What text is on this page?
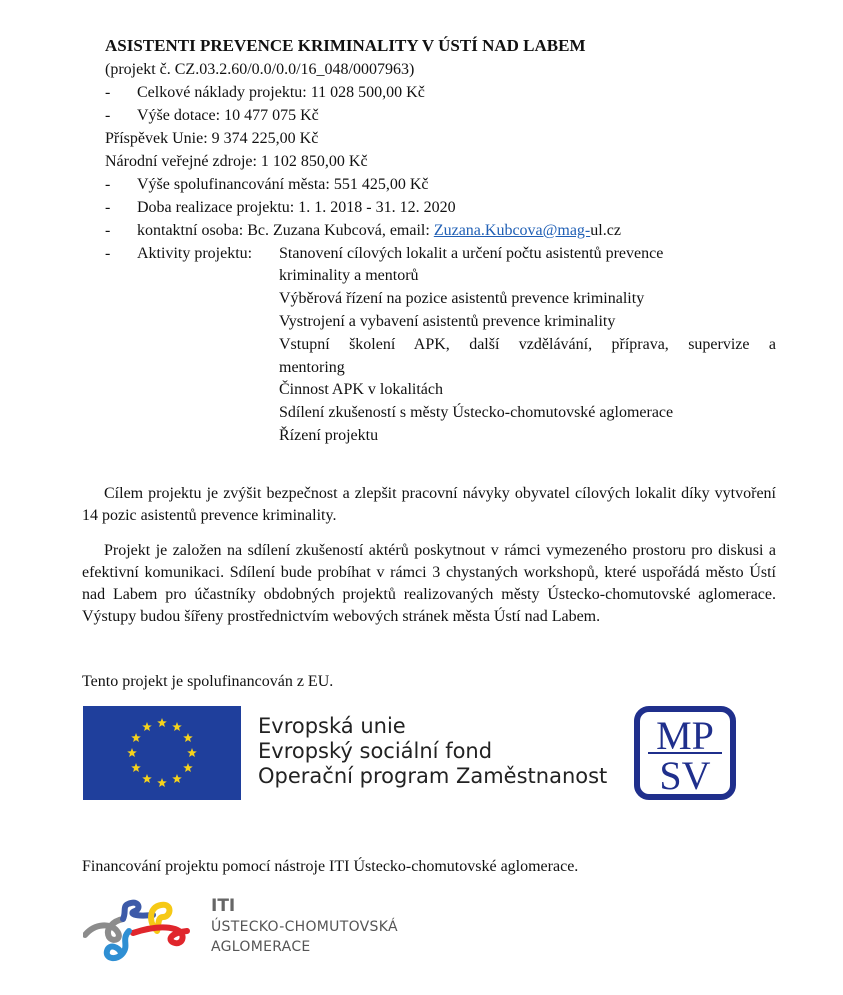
ASISTENTI PREVENCE KRIMINALITY V ÚSTÍ NAD LABEM
(projekt č. CZ.03.2.60/0.0/0.0/16_048/0007963)
- Celkové náklady projektu: 11 028 500,00 Kč
- Výše dotace: 10 477 075 Kč
Příspěvek Unie: 9 374 225,00 Kč
Národní veřejné zdroje: 1 102 850,00 Kč
- Výše spolufinancování města: 551 425,00 Kč
- Doba realizace projektu: 1. 1. 2018 - 31. 12. 2020
- kontaktní osoba: Bc. Zuzana Kubcová, email: Zuzana.Kubcova@mag-ul.cz
- Aktivity projektu: Stanovení cílových lokalit a určení počtu asistentů prevence
kriminality a mentorů
Výběrová řízení na pozice asistentů prevence kriminality
Vystrojení a vybavení asistentů prevence kriminality
Vstupní školení APK, další vzdělávání, příprava, supervize a
mentoring
Činnost APK v lokalitách
Sdílení zkušeností s městy Ústecko-chomutovské aglomerace
Řízení projektu
Cílem projektu je zvýšit bezpečnost a zlepšit pracovní návyky obyvatel cílových lokalit díky vytvoření 14 pozic asistentů prevence kriminality.
Projekt je založen na sdílení zkušeností aktérů poskytnout v rámci vymezeného prostoru pro diskusi a efektivní komunikaci. Sdílení bude probíhat v rámci 3 chystaných workshopů, které uspořádá město Ústí nad Labem pro účastníky obdobných projektů realizovaných městy Ústecko-chomutovské aglomerace. Výstupy budou šířeny prostřednictvím webových stránek města Ústí nad Labem.
Tento projekt je spolufinancován z EU.
Evropská unie
Evropský sociální fond
Operační program Zaměstnanost
MP
SV
Financování projektu pomocí nástroje ITI Ústecko-chomutovské aglomerace.
ITI
ÚSTECKO-CHOMUTOVSKÁ
AGLOMERACE
